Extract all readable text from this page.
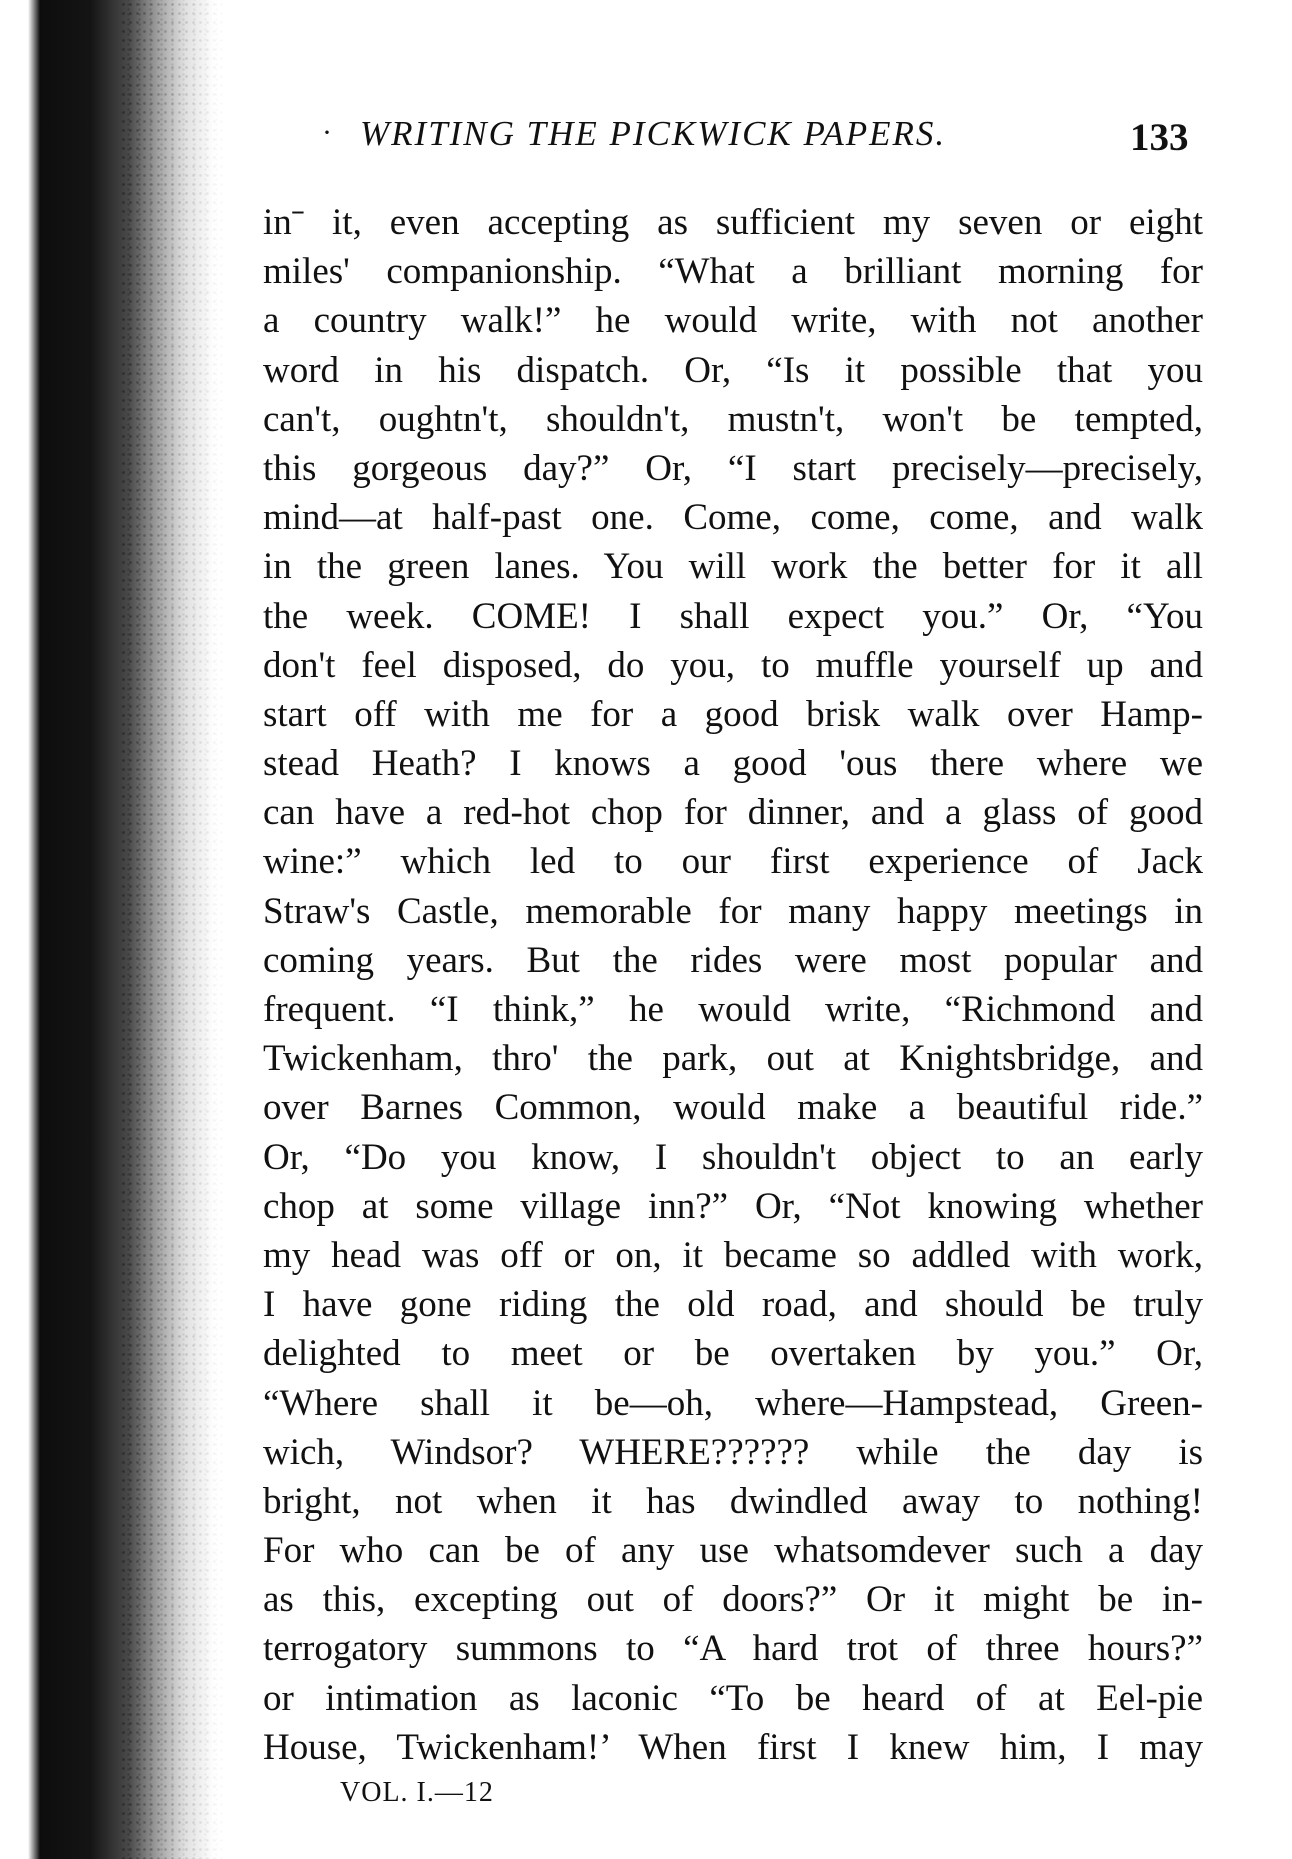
· WRITING THE PICKWICK PAPERS.	133
inˉ it, even accepting as sufficient my seven or eight
miles' companionship. “What a brilliant morning for
a country walk!” he would write, with not another
word in his dispatch. Or, “Is it possible that you
can't, oughtn't, shouldn't, mustn't, won't be tempted,
this gorgeous day?” Or, “I start precisely—precisely,
mind—at half-past one. Come, come, come, and walk
in the green lanes. You will work the better for it all
the week. COME! I shall expect you.” Or, “You
don't feel disposed, do you, to muffle yourself up and
start off with me for a good brisk walk over Hamp-
stead Heath? I knows a good 'ous there where we
can have a red-hot chop for dinner, and a glass of good
wine:” which led to our first experience of Jack
Straw's Castle, memorable for many happy meetings in
coming years. But the rides were most popular and
frequent. “I think,” he would write, “Richmond and
Twickenham, thro' the park, out at Knightsbridge, and
over Barnes Common, would make a beautiful ride.”
Or, “Do you know, I shouldn't object to an early
chop at some village inn?” Or, “Not knowing whether
my head was off or on, it became so addled with work,
I have gone riding the old road, and should be truly
delighted to meet or be overtaken by you.” Or,
“Where shall it be—oh, where—Hampstead, Green-
wich, Windsor? WHERE?????? while the day is
bright, not when it has dwindled away to nothing!
For who can be of any use whatsomdever such a day
as this, excepting out of doors?” Or it might be in-
terrogatory summons to “A hard trot of three hours?”
or intimation as laconic “To be heard of at Eel-pie
House, Twickenham!’ When first I knew him, I may
VOL. I.—12
